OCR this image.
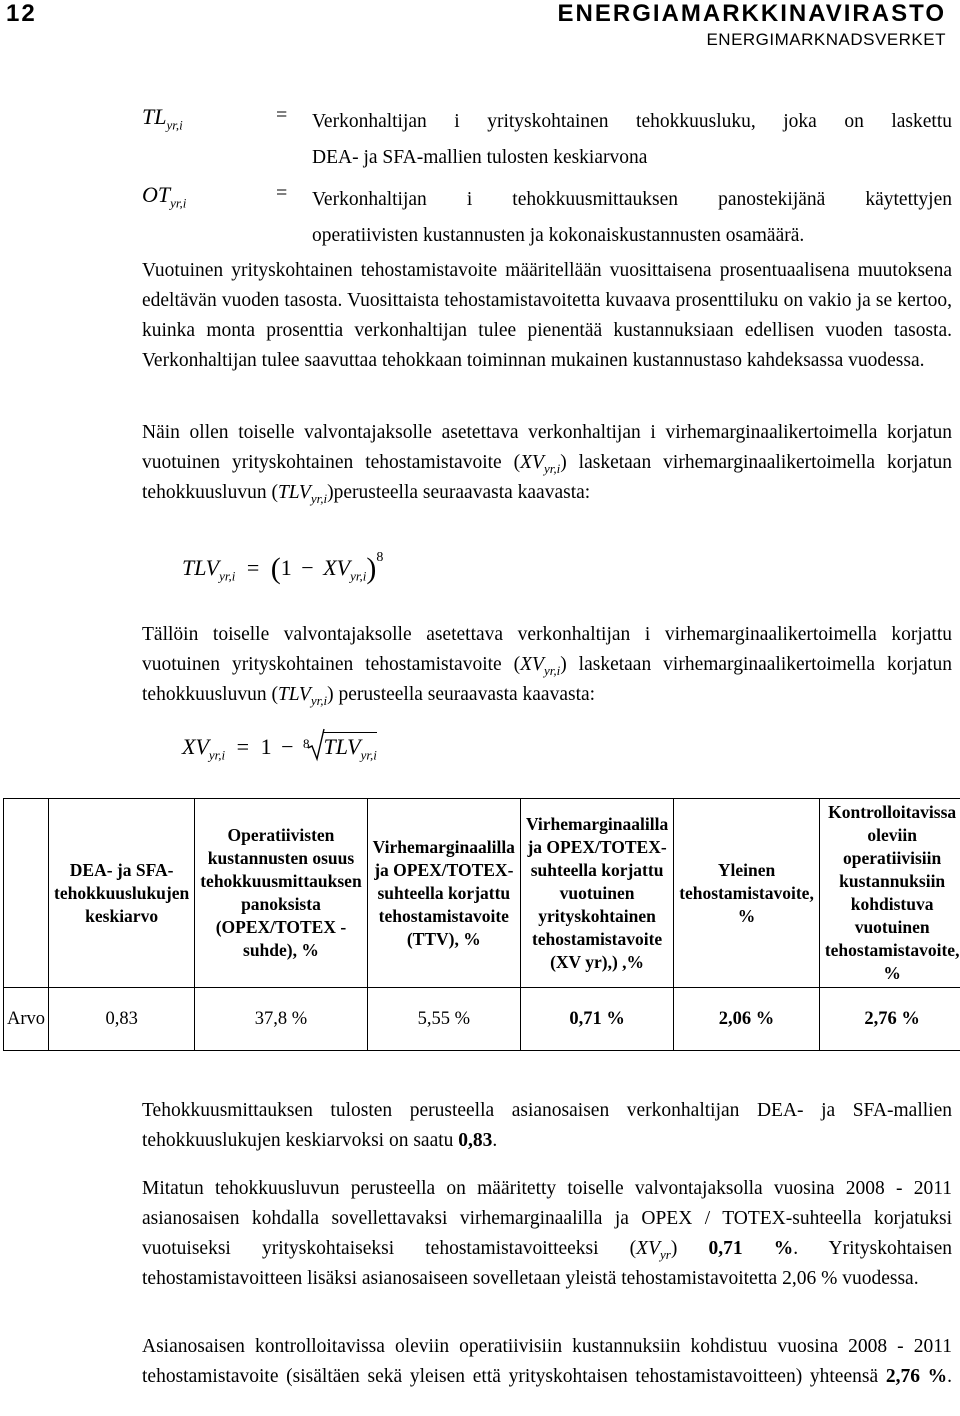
12	ENERGIAMARKKINAVIRASTO
ENERGIMARKNADSVERKET
$TL_{yr,i}$	= Verkonhaltijan i yrityskohtainen tehokkuusluku, joka on laskettu
DEA- ja SFA-mallien tulosten keskiarvona
$OT_{yr,i}$	= Verkonhaltijan i tehokkuusmittauksen panostekijänä käytettyjen
operatiivisten kustannusten ja kokonaiskustannusten osamäärä.
Vuotuinen yrityskohtainen tehostamistavoite määritellään vuosittaisena prosentuaalisena muutoksena edeltävän vuoden tasosta. Vuosittaista tehostamistavoitetta kuvaava prosenttiluku on vakio ja se kertoo, kuinka monta prosenttia verkonhaltijan tulee pienentää kustannuksiaan edellisen vuoden tasosta. Verkonhaltijan tulee saavuttaa tehokkaan toiminnan mukainen kustannustaso kahdeksassa vuodessa.
Näin ollen toiselle valvontajaksolle asetettava verkonhaltijan i virhemarginaalikertoimella korjatun vuotuinen yrityskohtainen tehostamistavoite $(XV_{yr,i})$ lasketaan virhemarginaalikertoimella korjatun tehokkuusluvun $(TLV_{yr,i})perusteella$ seuraavasta kaavasta:
$TLV_{yr,i} = (1 - XV_{yr,i})^8$
Tällöin toiselle valvontajaksolle asetettava verkonhaltijan i virhemarginaalikertoimella korjattu vuotuinen yrityskohtainen tehostamistavoite $(XV_{yr,i})$ lasketaan virhemarginaalikertoimella korjatun tehokkuusluvun $(TLV_{yr,i})$ perusteella seuraavasta kaavasta:
$XV_{yr,i} = 1 - ^8$ $TLV_{yr,i}$
	DEA- ja SFA-tehokkuuslukujen keskiarvo	Operatiivisten kustannusten osuus tehokkuusmittauksen panoksista (OPEX/TOTEX -suhde), %	Virhemarginaalilla ja OPEX/TOTEX-suhteella korjattu tehostamistavoite (TTV), %	Virhemarginaalilla ja OPEX/TOTEX-suhteella korjattu vuotuinen yrityskohtainen tehostamistavoite (XV yr),) ,%	Yleinen tehostamistavoite, %	Kontrolloitavissa oleviin operatiivisiin kustannuksiin kohdistuva vuotuinen tehostamistavoite, %
Arvo	0,83	37,8 %	5,55 %	0,71 %	2,06 %	2,76 %
Tehokkuusmittauksen tulosten perusteella asianosaisen verkonhaltijan DEA- ja SFA-mallien tehokkuuslukujen keskiarvoksi on saatu 0,83.
Mitatun tehokkuusluvun perusteella on määritetty toiselle valvontajaksolla vuosina 2008 - 2011 asianosaisen kohdalla sovellettavaksi virhemarginaalilla ja OPEX / TOTEX-suhteella korjatuksi vuotuiseksi yrityskohtaiseksi tehostamistavoitteeksi $(XV_{yr})$ 0,71 %. Yrityskohtaisen tehostamistavoitteen lisäksi asianosaiseen sovelletaan yleistä tehostamistavoitetta 2,06 % vuodessa.
Asianosaisen kontrolloitavissa oleviin operatiivisiin kustannuksiin kohdistuu vuosina 2008 - 2011 tehostamistavoite (sisältäen sekä yleisen että yrityskohtaisen tehostamistavoitteen) yhteensä 2,76 %.
